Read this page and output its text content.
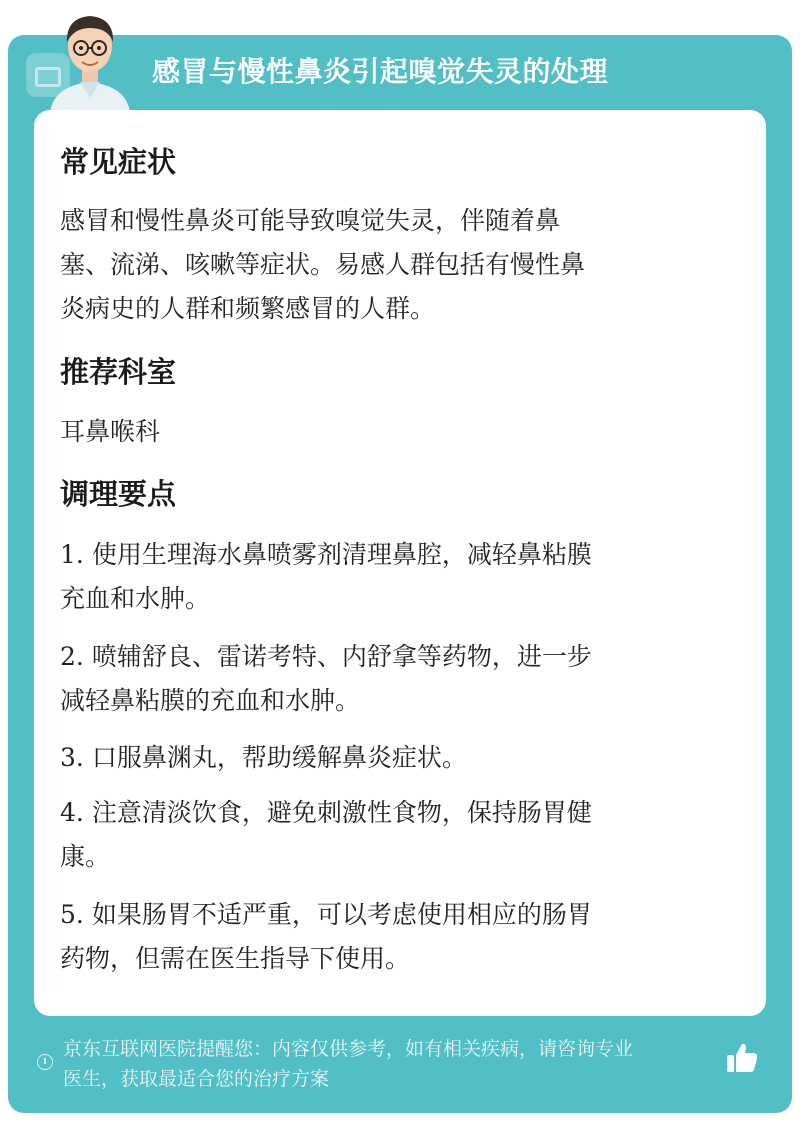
感冒与慢性鼻炎引起嗅觉失灵的处理
常见症状
感冒和慢性鼻炎可能导致嗅觉失灵，伴随着鼻
塞、流涕、咳嗽等症状。易感人群包括有慢性鼻
炎病史的人群和频繁感冒的人群。
推荐科室
耳鼻喉科
调理要点
1. 使用生理海水鼻喷雾剂清理鼻腔，减轻鼻粘膜
充血和水肿。
2. 喷辅舒良、雷诺考特、内舒拿等药物，进一步
减轻鼻粘膜的充血和水肿。
3. 口服鼻渊丸，帮助缓解鼻炎症状。
4. 注意清淡饮食，避免刺激性食物，保持肠胃健
康。
5. 如果肠胃不适严重，可以考虑使用相应的肠胃
药物，但需在医生指导下使用。
京东互联网医院提醒您：内容仅供参考，如有相关疾病，请咨询专业
医生，获取最适合您的治疗方案
